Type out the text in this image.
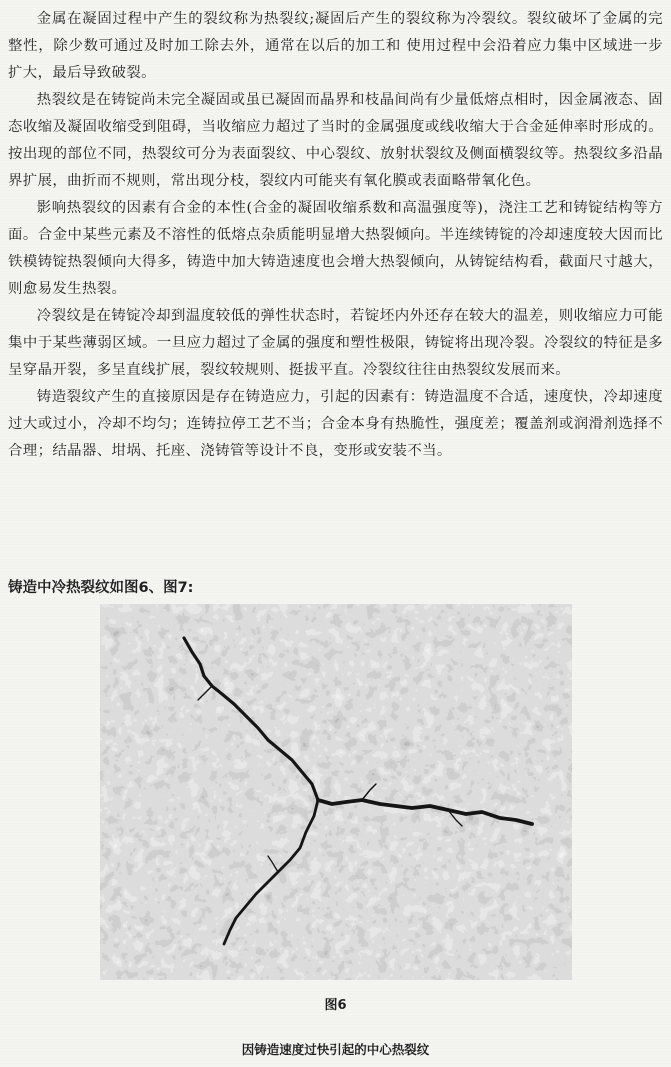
金属在凝固过程中产生的裂纹称为热裂纹;凝固后产生的裂纹称为冷裂纹。裂纹破坏了金属的完整性，除少数可通过及时加工除去外，通常在以后的加工和 使用过程中会沿着应力集中区域进一步扩大，最后导致破裂。

热裂纹是在铸锭尚未完全凝固或虽已凝固而晶界和枝晶间尚有少量低熔点相时，因金属液态、固态收缩及凝固收缩受到阻碍，当收缩应力超过了当时的金属强度或线收缩大于合金延伸率时形成的。按出现的部位不同，热裂纹可分为表面裂纹、中心裂纹、放射状裂纹及侧面横裂纹等。热裂纹多沿晶界扩展，曲折而不规则，常出现分枝，裂纹内可能夹有氧化膜或表面略带氧化色。

影响热裂纹的因素有合金的本性(合金的凝固收缩系数和高温强度等)，浇注工艺和铸锭结构等方面。合金中某些元素及不溶性的低熔点杂质能明显增大热裂倾向。半连续铸锭的冷却速度较大因而比铁模铸锭热裂倾向大得多，铸造中加大铸造速度也会增大热裂倾向，从铸锭结构看，截面尺寸越大，则愈易发生热裂。

冷裂纹是在铸锭冷却到温度较低的弹性状态时，若锭坯内外还存在较大的温差，则收缩应力可能集中于某些薄弱区域。一旦应力超过了金属的强度和塑性极限，铸锭将出现冷裂。冷裂纹的特征是多呈穿晶开裂，多呈直线扩展，裂纹较规则、挺拔平直。冷裂纹往往由热裂纹发展而来。

铸造裂纹产生的直接原因是存在铸造应力，引起的因素有：铸造温度不合适，速度快，冷却速度过大或过小，冷却不均匀；连铸拉停工艺不当；合金本身有热脆性，强度差；覆盖剂或润滑剂选择不合理；结晶器、坩埚、托座、浇铸管等设计不良，变形或安装不当。

铸造中冷热裂纹如图6、图7:

图6
因铸造速度过快引起的中心热裂纹
